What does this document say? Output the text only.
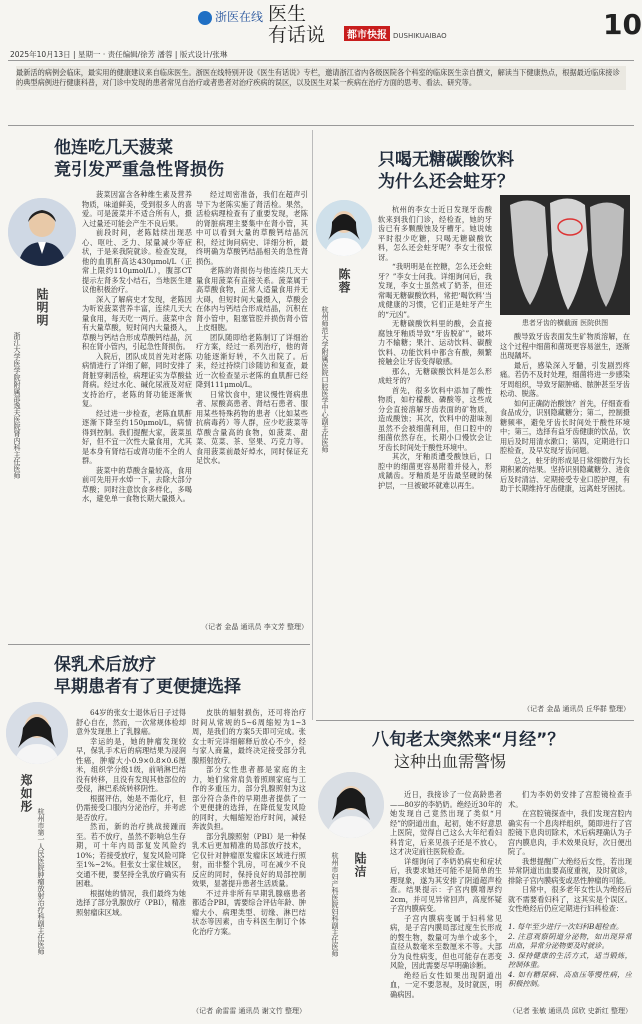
浙医在线 医生
有话说	都市快报 DUSHIKUAIBAO	10
2025年10月13日 | 星期一 · 责任编辑/徐芳 潘蓉 | 版式设计/张琳
最新活的病例会临床，最实用的健康建议来自临床医生。浙医在线特别开设《医生有话说》专栏，邀请浙江省内各级医院各个科室的临床医生亲自撰文，解读当下健康热点，根据最近临床接诊的典型病例进行健康科普，对门诊中发现的患者常见自治疗或者患者对治疗疾病的误区，以及医生对某一疾病在治疗方面的思考、看法、研究等。
他连吃几天菠菜
竟引发严重急性肾损伤
陆明明
浙江大学医学院附属邵逸夫医院肾内科主任医师

菠菜因富含各种维生素及营养物质，味道鲜美，受到很多人的喜爱。可是菠菜并不适合所有人，摄入过量还可能会产生不良后果。

前段时间，老陈陆续出现恶心、呕吐、乏力、尿量减少等症状，于是来我院就诊。检查发现，他的血肌酐高达430μmol/L（正常上限约110μmol/L），腹部CT提示左肾多发小结石，当地医生建议他积极治疗。

深入了解病史才发现，老陈因为听说菠菜营养丰富，连续几天大量食用，每天吃一两斤。菠菜中含有大量草酸，短时间内大量摄入，草酸与钙结合形成草酸钙结晶，沉积在肾小管内，引起急性肾损伤。

入院后，团队成员首先对老陈病情进行了详细了解，同时安排了肾脏穿刺活检，病理证实为草酸盐肾病。经过水化、碱化尿液及对症支持治疗，老陈的肾功能逐渐恢复。

经过进一步检查，老陈血肌酐逐渐下降至约150μmol/L，病情得到控制。我们提醒大家，菠菜虽好，但不宜一次性大量食用，尤其是本身有肾结石或肾功能不全的人群。

菠菜中的草酸含量较高，食用前可先用开水焯一下，去除大部分草酸；同时注意饮食多样化，多喝水，避免单一食物长期大量摄入。

经过周密准备，我们在超声引导下为老陈实施了肾活检。果然，活检病理检查有了重要发现，老陈的肾脏病理主要集中在肾小管，其中可以看到大量的草酸钙结晶沉积，经过询问病史、详细分析，最终明确为草酸钙结晶相关的急性肾损伤。

老陈的肾损伤与他连续几天大量食用菠菜有直接关系。菠菜属于高草酸食物，正常人适量食用并无大碍，但短时间大量摄入，草酸会在体内与钙结合形成结晶，沉积在肾小管中，阻塞管腔并损伤肾小管上皮细胞。

团队随即给老陈制订了详细治疗方案，经过一系列治疗，他的肾功能逐渐好转，不久出院了。后来，经过持续门诊随访和复查，最近一次检查显示老陈的血肌酐已经降到111μmol/L。

日常饮食中，建议慢性肾病患者、尿酸高患者、肾结石患者、服用某些特殊药物的患者（比如某些抗病毒药）等人群，应少吃菠菜等草酸含量高的食物，如菠菜、甜菜、苋菜、茶、坚果、巧克力等。食用菠菜前最好焯水，同时保证充足饮水。

（记者 金晶 通讯员 李文芳 整理）
只喝无糖碳酸饮料
为什么还会蛀牙？
陈蓉
杭州师范大学附属医院口腔医学中心副主任医师

杭州的李女士近日发现牙齿酸软来到我们门诊，经检查，她的牙齿已有多颗酸蚀及牙槽牙。她说她平时很少吃糖，只喝无糖碳酸饮料，怎么还会蛀牙呢？李女士很惊讶。

“我明明是在控糖，怎么还会蛀牙？”李女士问我。详细询问后，我发现，李女士虽然戒了奶茶，但还常喝无糖碳酸饮料，常把‘喝饮料’当成健康的习惯，它们正是蛀牙产生的“元凶”。

无糖碳酸饮料里的酸，会直接腐蚀牙釉质导致“牙齿脱矿”，破坏力不输糖；果汁、运动饮料、碳酸饮料、功能饮料中都含有酸，频繁接触会让牙齿变得敏感。

那么，无糖碳酸饮料是怎么形成蛀牙的？

首先，很多饮料中添加了酸性物质，如柠檬酸、磷酸等，这些成分会直接溶解牙齿表面的矿物质，造成酸蚀；其次，饮料中的甜味剂虽然不会被细菌利用，但口腔中的细菌依然存在，长期小口慢饮会让牙齿长时间处于酸性环境中。

其次，牙釉质遭受酸蚀后，口腔中的细菌更容易附着并侵入，形成龋齿。牙釉质是牙齿最坚硬的保护层，一旦被破坏就难以再生。

患者牙齿的横截面 医院供图

酸导致牙齿表面发生矿物质溶解，在这个过程中细菌和菌斑更容易滋生，逐渐出现龋坏。

最后，感染深入牙髓，引发剧烈疼痛。若仍不及时处理，细菌将进一步感染牙周组织，导致牙龈肿痛、脓肿甚至牙齿松动、脱落。

如何正确防治酸蚀？首先，仔细查看食品成分，识别隐藏糖分；第二，控制摄糖频率，避免牙齿长时间处于酸性环境中；第三，选择有益牙齿健康的饮品，饮用后及时用清水漱口；第四，定期进行口腔检查，及早发现牙齿问题。

总之，蛀牙的形成是日常细微行为长期积累的结果。坚持识别隐藏糖分、进食后及时清洁、定期接受专业口腔护理，有助于长期维持牙齿健康，远离蛀牙困扰。

（记者 金晶 通讯员 丘华群 整理）
保乳术后放疗
早期患者有了更便捷选择
郑如彤
杭州市第一人民医院肿瘤放射治疗科副主任医师

64岁的张女士退休后日子过得舒心自在，然而，一次常规体检却意外发现患上了乳腺癌。

幸运的是，她的肿瘤发现较早，保乳手术后的病理结果为浸润性癌，肿瘤大小0.9×0.8×0.6厘米，组织学分级1级，前哨淋巴结没有转移，且没有发现其他部位的受侵，淋巴系统转移阴性。

根据评估，她是不需化疗，但仍需接受口服内分泌治疗，并考虑是否放疗。

然而，新的治疗挑战接踵而至。若不放疗，虽然不影响总生存期，可十年内局部复发风险约10%；若接受放疗，复发风险可降至1%~2%。但张女士家住城区，交通不便，要坚持全乳放疗确实有困难。

根据她的情况，我们最终为她选择了部分乳腺放疗（PBI），精准照射瘤床区域。

皮肤的辐射损伤，还可将治疗时间从常规的5~6周缩短为1~3周，是我们的方案5天即可完成。张女士听完详细解释后放心不少，经与家人商量，最终决定接受部分乳腺照射放疗。

部分女性患者都是家庭的主力，她们常常肩负着照顾家庭与工作的多重压力，部分乳腺照射为这部分符合条件的早期患者提供了一个更便捷的选择，在降低复发风险的同时，大幅缩短治疗时间，减轻奔波负担。

部分乳腺照射（PBI）是一种保乳术后更加精准的局部放疗技术，它仅针对肿瘤原发瘤床区域进行照射，而非整个乳房，可在减少不良反应的同时，保持良好的局部控制效果，显著提升患者生活质量。

不过并非所有早期乳腺癌患者都适合PBI，需要综合评估年龄、肿瘤大小、病理类型、切缘、淋巴结状态等因素，由专科医生制订个体化治疗方案。

（记者 俞雷雷 通讯员 谢文竹 整理）
八旬老太突然来“月经”？
这种出血需警惕
陆洁
杭州市妇产科医院妇科副主任医师

近日，我接诊了一位高龄患者——80岁的李奶奶。绝经近30年的她发现自己竟然出现了类似“月经”的阴道出血，起初，她不好意思上医院，觉得自己这么大年纪看妇科肯定，后来见孩子还是不放心，这才决定前往医院检查。

详细询问了李奶奶病史和症状后，我要求她还可能不是简单的生理现象，遂为其安排了阴道超声检查。结果提示：子宫内膜增厚约2cm，并可见异常回声，高度怀疑子宫内膜病变。

子宫内膜病变属于妇科常见病，是子宫内膜局部过度生长形成的赘生物，数量可为单个或多个，直径从数毫米至数厘米不等。大部分为良性病变，但也可能存在恶变风险，因此需要尽早明确诊断。

绝经后女性如果出现阴道出血，一定不要忽视，及时就医，明确病因。

们为李奶奶安排了宫腔镜检查手术。

在宫腔镜探查中，我们发现宫腔内确实有一个息肉样组织，随即进行了宫腔镜下息肉切除术，术后病理确认为子宫内膜息肉，手术效果良好，次日便出院了。

我想提醒广大绝经后女性，若出现异常阴道出血要高度重视，及时就诊，排除子宫内膜病变或恶性肿瘤的可能。

日常中，很多老年女性认为绝经后就不需要看妇科了，这其实是个误区。女性绝经后仍应定期进行妇科检查：

1. 每年至少进行一次妇科B超检查。
2. 注意观察阴道分泌物，如出现异常出血，异常分泌物要及时就诊。
3. 保持健康的生活方式，适当锻炼，控制体重。
4. 如有糖尿病、高血压等慢性病，应积极控制。
（记者 张敏 通讯员 邱欣 史新红 整理）
